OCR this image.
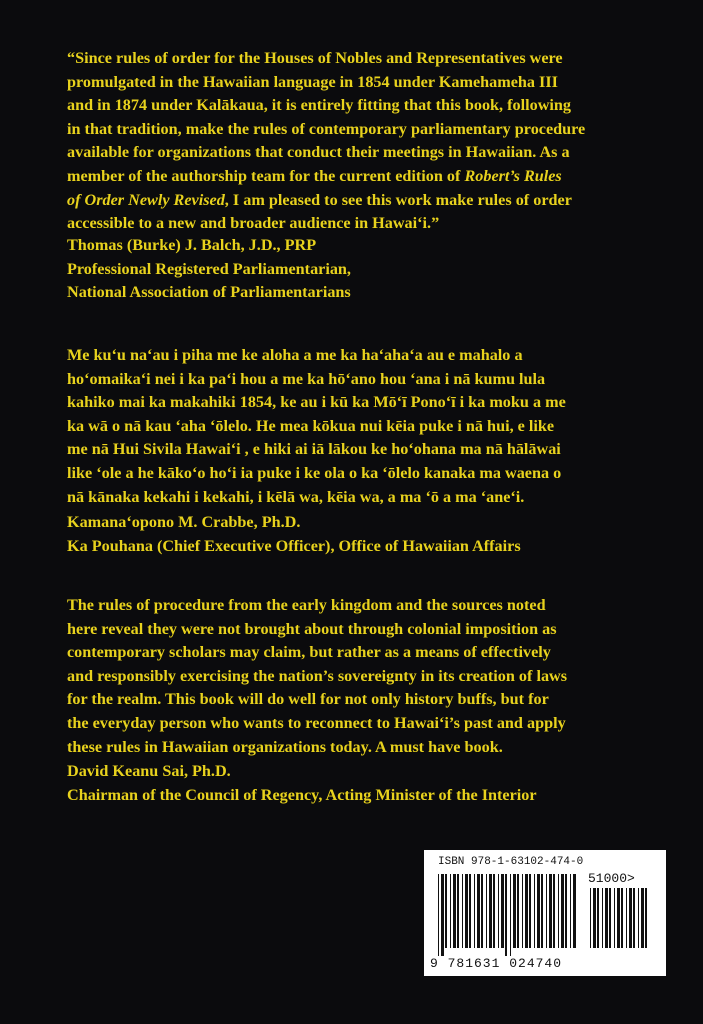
“Since rules of order for the Houses of Nobles and Representatives were
promulgated in the Hawaiian language in 1854 under Kamehameha III
and in 1874 under Kalākaua, it is entirely fitting that this book, following
in that tradition, make the rules of contemporary parliamentary procedure
available for organizations that conduct their meetings in Hawaiian. As a
member of the authorship team for the current edition of Robert’s Rules
of Order Newly Revised, I am pleased to see this work make rules of order
accessible to a new and broader audience in Hawaiʻi.”
Thomas (Burke) J. Balch, J.D., PRP
Professional Registered Parliamentarian,
National Association of Parliamentarians
Me kuʻu naʻau i piha me ke aloha a me ka haʻahaʻa au e mahalo a
hoʻomaikaʻi nei i ka paʻi hou a me ka hōʻano hou ʻana i nā kumu lula
kahiko mai ka makahiki 1854, ke au i kū ka Mōʻī Ponoʻī i ka moku a me
ka wā o nā kau ʻaha ʻōlelo. He mea kōkua nui kēia puke i nā hui, e like
me nā Hui Sivila Hawaiʻi , e hiki ai iā lākou ke hoʻohana ma nā hālāwai
like ʻole a he kākoʻo hoʻi ia puke i ke ola o ka ʻōlelo kanaka ma waena o
nā kānaka kekahi i kekahi, i kēlā wa, kēia wa, a ma ʻō a ma ʻaneʻi.
Kamanaʻopono M. Crabbe, Ph.D.
Ka Pouhana (Chief Executive Officer), Office of Hawaiian Affairs
The rules of procedure from the early kingdom and the sources noted
here reveal they were not brought about through colonial imposition as
contemporary scholars may claim, but rather as a means of effectively
and responsibly exercising the nation’s sovereignty in its creation of laws
for the realm. This book will do well for not only history buffs, but for
the everyday person who wants to reconnect to Hawaiʻi’s past and apply
these rules in Hawaiian organizations today. A must have book.
David Keanu Sai, Ph.D.
Chairman of the Council of Regency, Acting Minister of the Interior
ISBN 978-1-63102-474-0
51000>
9 781631 024740
